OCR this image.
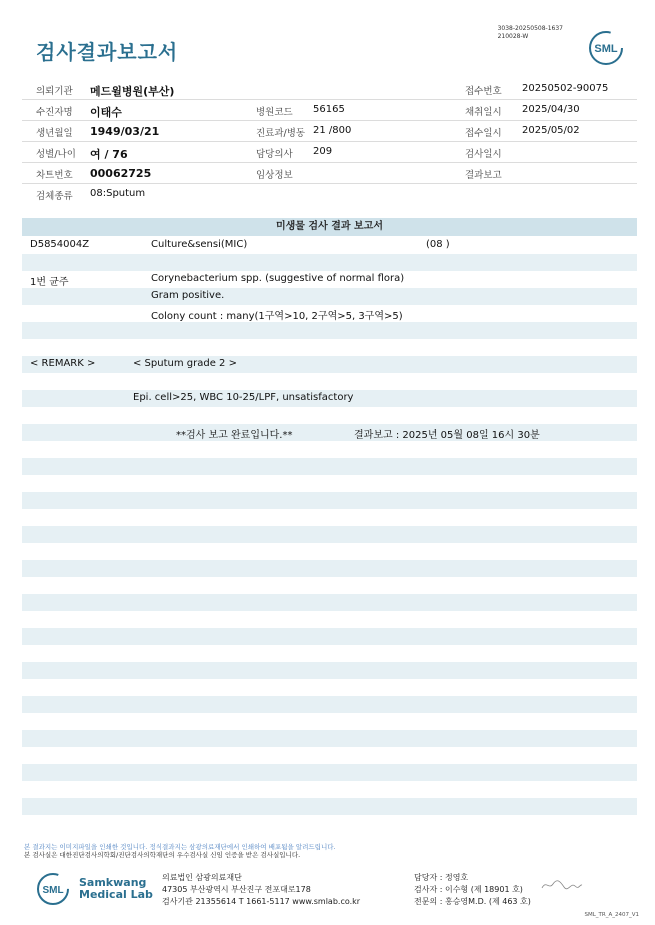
검사결과보고서
3038-20250508-1637
210028-W
SML
의뢰기관 메드윌병원(부산)	접수번호 20250502-90075
수진자명 이태수	병원코드 56165	채취일시 2025/04/30
생년월일 1949/03/21	진료과/병동 21 /800	접수일시 2025/05/02
성별/나이 여 / 76	담당의사 209	검사일시
차트번호 00062725	임상정보	결과보고
검체종류 08:Sputum
미생물 검사 결과 보고서
D5854004Z	Culture&sensi(MIC)	(08 )
1번 균주	Corynebacterium spp. (suggestive of normal flora)
Gram positive.
Colony count : many(1구역>10, 2구역>5, 3구역>5)
< REMARK >	< Sputum grade 2 >
Epi. cell>25, WBC 10-25/LPF, unsatisfactory
**검사 보고 완료입니다.**	결과보고 : 2025년 05월 08일 16시 30분
본 결과지는 이미지파일을 인쇄한 것입니다. 정식결과지는 삼광의료재단에서 인쇄하여 배포됨을 알려드립니다.
본 검사실은 대한진단검사의학회/진단검사의학재단의 우수검사실 신임 인증을 받은 검사실입니다.
SML
Samkwang
Medical Lab
의료법인 삼광의료재단
47305 부산광역시 부산진구 전포대로178
검사기관 21355614 T 1661-5117 www.smlab.co.kr
담당자 : 정영호
검사자 : 이수형 (제 18901 호)
전문의 : 홍승영M.D. (제 463 호)
SML_TR_A_2407_V1
